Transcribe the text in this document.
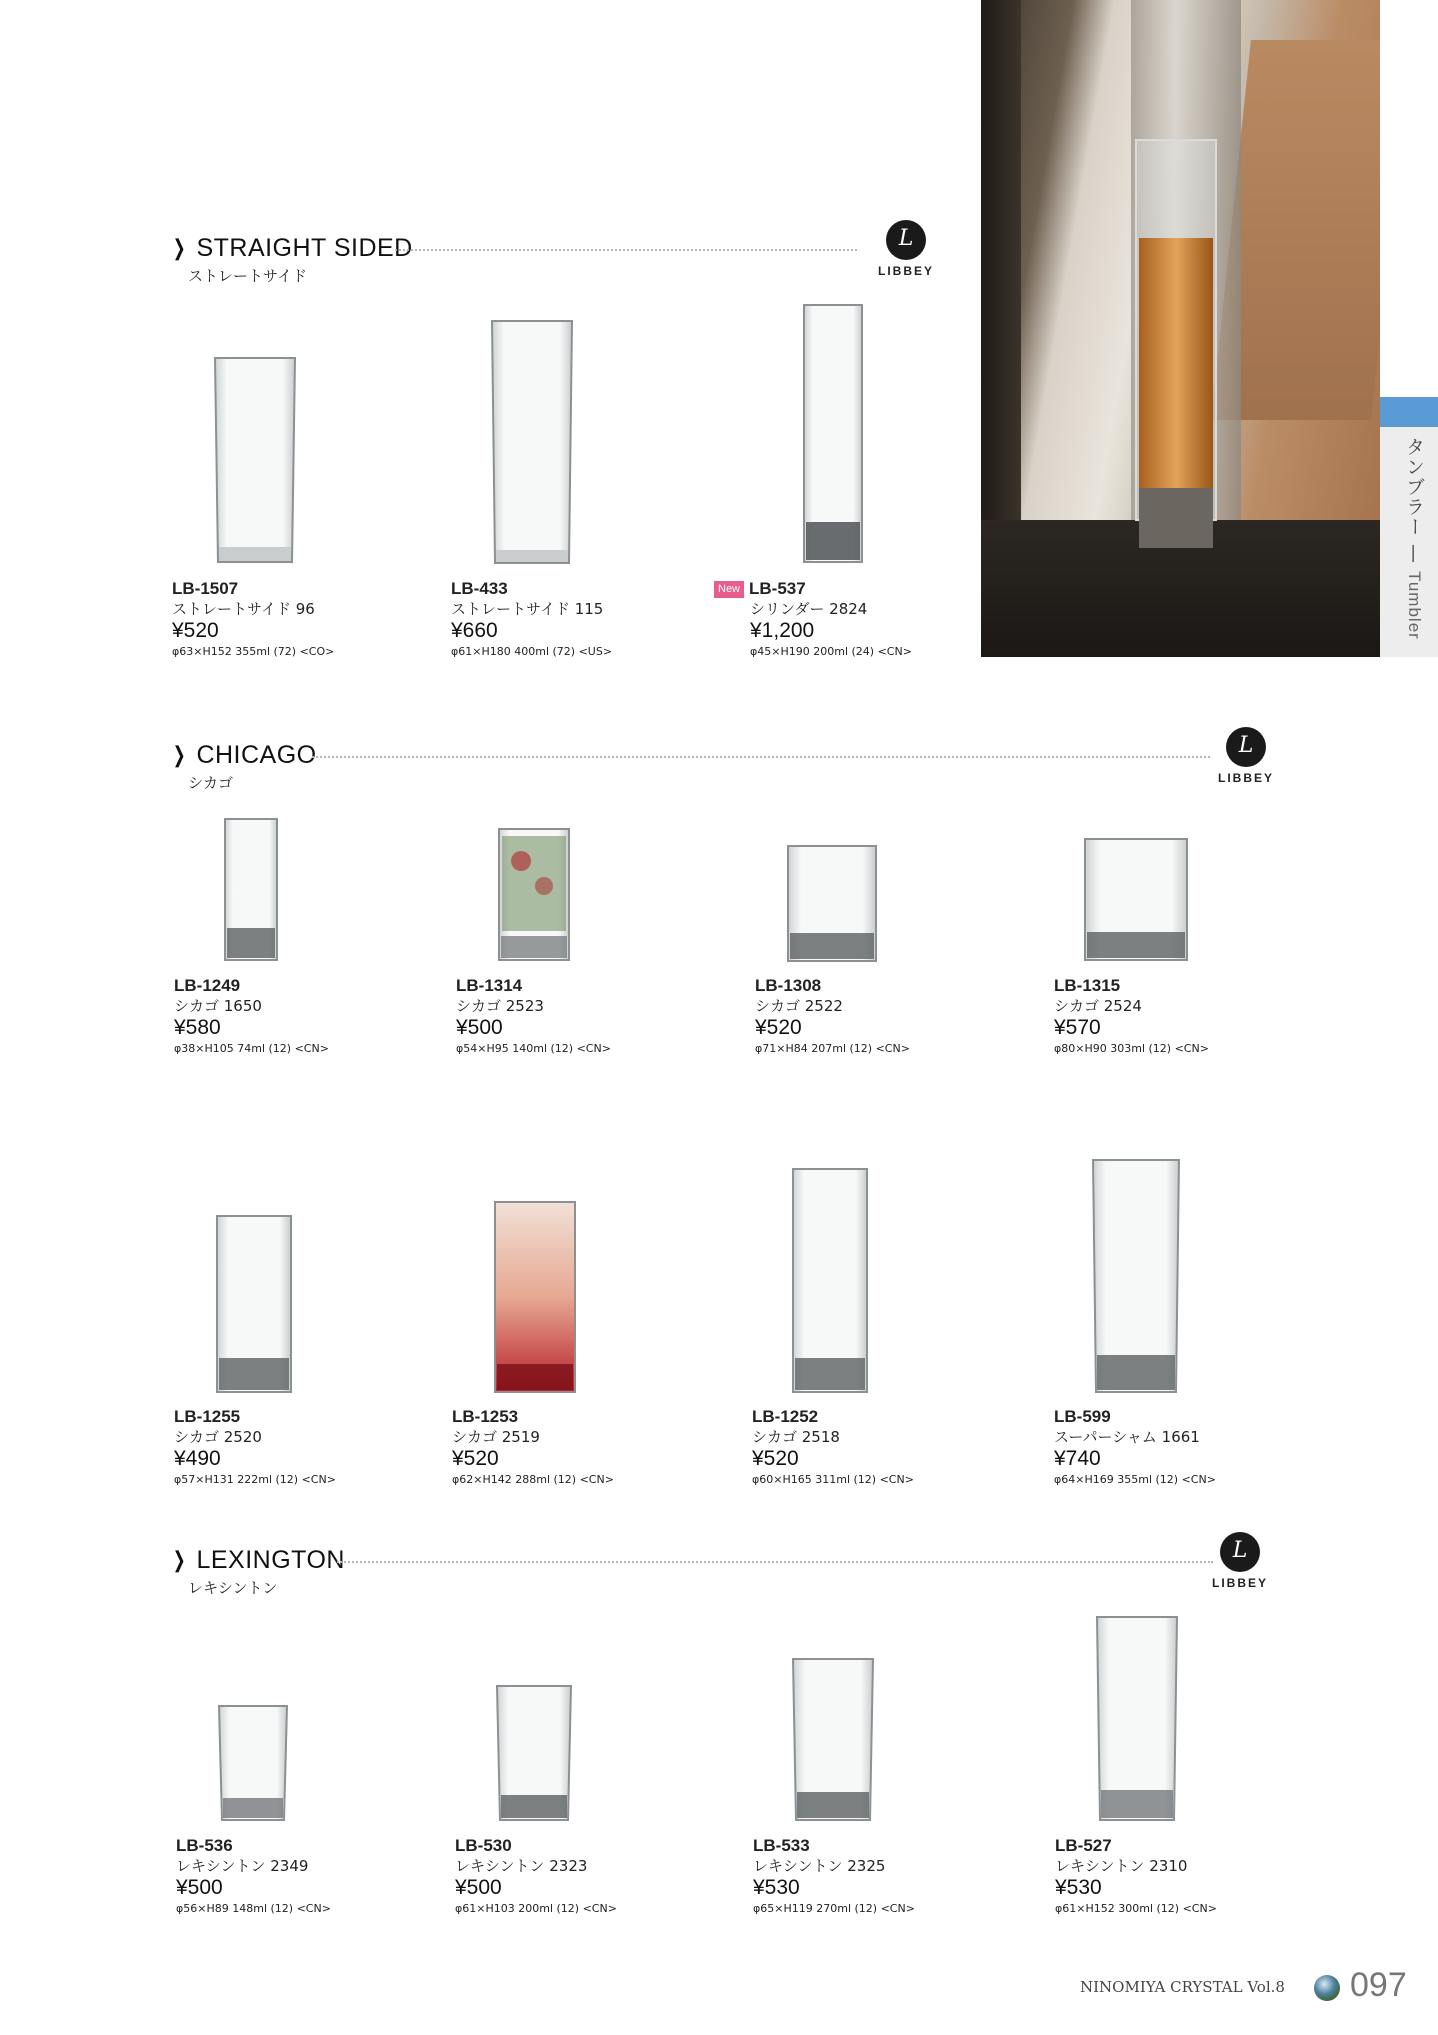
❯ STRAIGHT SIDED
ストレートサイド
L
LIBBEY
LB-1507
ストレートサイド 96
¥520
φ63×H152 355ml (72) <CO>
LB-433
ストレートサイド 115
¥660
φ61×H180 400ml (72) <US>
New LB-537
シリンダー 2824
¥1,200
φ45×H190 200ml (24) <CN>
タンブラー — Tumbler
❯ CHICAGO
シカゴ
L
LIBBEY
LB-1249
シカゴ 1650
¥580
φ38×H105 74ml (12) <CN>
LB-1314
シカゴ 2523
¥500
φ54×H95 140ml (12) <CN>
LB-1308
シカゴ 2522
¥520
φ71×H84 207ml (12) <CN>
LB-1315
シカゴ 2524
¥570
φ80×H90 303ml (12) <CN>
LB-1255
シカゴ 2520
¥490
φ57×H131 222ml (12) <CN>
LB-1253
シカゴ 2519
¥520
φ62×H142 288ml (12) <CN>
LB-1252
シカゴ 2518
¥520
φ60×H165 311ml (12) <CN>
LB-599
スーパーシャム 1661
¥740
φ64×H169 355ml (12) <CN>
❯ LEXINGTON
レキシントン
L
LIBBEY
LB-536
レキシントン 2349
¥500
φ56×H89 148ml (12) <CN>
LB-530
レキシントン 2323
¥500
φ61×H103 200ml (12) <CN>
LB-533
レキシントン 2325
¥530
φ65×H119 270ml (12) <CN>
LB-527
レキシントン 2310
¥530
φ61×H152 300ml (12) <CN>
NINOMIYA CRYSTAL Vol.8 097
